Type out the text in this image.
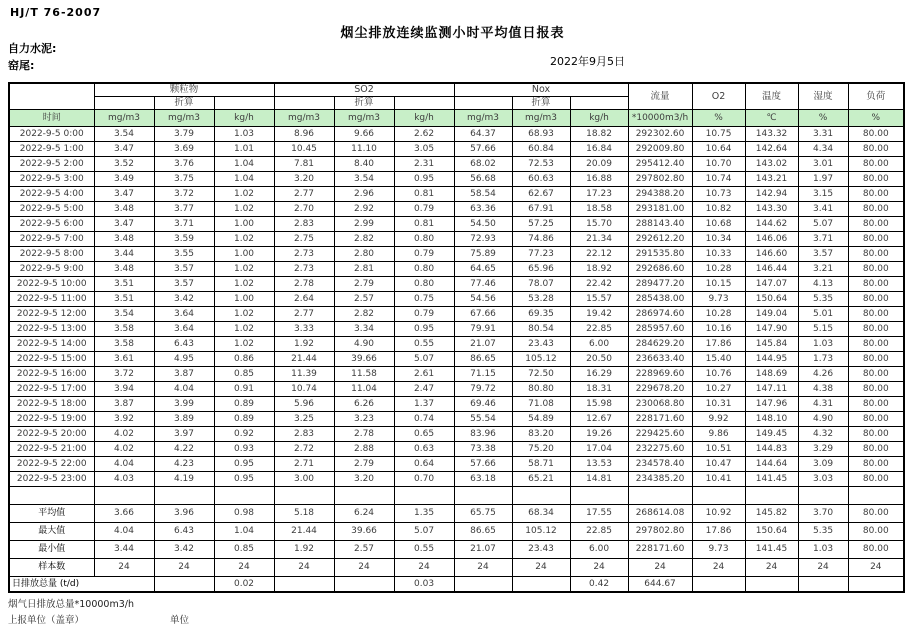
HJ/T 76-2007
烟尘排放连续监测小时平均值日报表
自力水泥:
窑尾:	2022年9月5日
	颗粒物			SO2			Nox			流量	O2	温度	湿度	负荷
		折算			折算			折算						
时间	mg/m3	mg/m3	kg/h	mg/m3	mg/m3	kg/h	mg/m3	mg/m3	kg/h	*10000m3/h	%	℃	%	%
2022-9-5 0:00	3.54	3.79	1.03	8.96	9.66	2.62	64.37	68.93	18.82	292302.60	10.75	143.32	3.31	80.00
2022-9-5 1:00	3.47	3.69	1.01	10.45	11.10	3.05	57.66	60.84	16.84	292009.80	10.64	142.64	4.34	80.00
2022-9-5 2:00	3.52	3.76	1.04	7.81	8.40	2.31	68.02	72.53	20.09	295412.40	10.70	143.02	3.01	80.00
2022-9-5 3:00	3.49	3.75	1.04	3.20	3.54	0.95	56.68	60.63	16.88	297802.80	10.74	143.21	1.97	80.00
2022-9-5 4:00	3.47	3.72	1.02	2.77	2.96	0.81	58.54	62.67	17.23	294388.20	10.73	142.94	3.15	80.00
2022-9-5 5:00	3.48	3.77	1.02	2.70	2.92	0.79	63.36	67.91	18.58	293181.00	10.82	143.30	3.41	80.00
2022-9-5 6:00	3.47	3.71	1.00	2.83	2.99	0.81	54.50	57.25	15.70	288143.40	10.68	144.62	5.07	80.00
2022-9-5 7:00	3.48	3.59	1.02	2.75	2.82	0.80	72.93	74.86	21.34	292612.20	10.34	146.06	3.71	80.00
2022-9-5 8:00	3.44	3.55	1.00	2.73	2.80	0.79	75.89	77.23	22.12	291535.80	10.33	146.60	3.57	80.00
2022-9-5 9:00	3.48	3.57	1.02	2.73	2.81	0.80	64.65	65.96	18.92	292686.60	10.28	146.44	3.21	80.00
2022-9-5 10:00	3.51	3.57	1.02	2.78	2.79	0.80	77.46	78.07	22.42	289477.20	10.15	147.07	4.13	80.00
2022-9-5 11:00	3.51	3.42	1.00	2.64	2.57	0.75	54.56	53.28	15.57	285438.00	9.73	150.64	5.35	80.00
2022-9-5 12:00	3.54	3.64	1.02	2.77	2.82	0.79	67.66	69.35	19.42	286974.60	10.28	149.04	5.01	80.00
2022-9-5 13:00	3.58	3.64	1.02	3.33	3.34	0.95	79.91	80.54	22.85	285957.60	10.16	147.90	5.15	80.00
2022-9-5 14:00	3.58	6.43	1.02	1.92	4.90	0.55	21.07	23.43	6.00	284629.20	17.86	145.84	1.03	80.00
2022-9-5 15:00	3.61	4.95	0.86	21.44	39.66	5.07	86.65	105.12	20.50	236633.40	15.40	144.95	1.73	80.00
2022-9-5 16:00	3.72	3.87	0.85	11.39	11.58	2.61	71.15	72.50	16.29	228969.60	10.76	148.69	4.26	80.00
2022-9-5 17:00	3.94	4.04	0.91	10.74	11.04	2.47	79.72	80.80	18.31	229678.20	10.27	147.11	4.38	80.00
2022-9-5 18:00	3.87	3.99	0.89	5.96	6.26	1.37	69.46	71.08	15.98	230068.80	10.31	147.96	4.31	80.00
2022-9-5 19:00	3.92	3.89	0.89	3.25	3.23	0.74	55.54	54.89	12.67	228171.60	9.92	148.10	4.90	80.00
2022-9-5 20:00	4.02	3.97	0.92	2.83	2.78	0.65	83.96	83.20	19.26	229425.60	9.86	149.45	4.32	80.00
2022-9-5 21:00	4.02	4.22	0.93	2.72	2.88	0.63	73.38	75.20	17.04	232275.60	10.51	144.83	3.29	80.00
2022-9-5 22:00	4.04	4.23	0.95	2.71	2.79	0.64	57.66	58.71	13.53	234578.40	10.47	144.64	3.09	80.00
2022-9-5 23:00	4.03	4.19	0.95	3.00	3.20	0.70	63.18	65.21	14.81	234385.20	10.41	141.45	3.03	80.00

平均值	3.66	3.96	0.98	5.18	6.24	1.35	65.75	68.34	17.55	268614.08	10.92	145.82	3.70	80.00
最大值	4.04	6.43	1.04	21.44	39.66	5.07	86.65	105.12	22.85	297802.80	17.86	150.64	5.35	80.00
最小值	3.44	3.42	0.85	1.92	2.57	0.55	21.07	23.43	6.00	228171.60	9.73	141.45	1.03	80.00
样本数	24	24	24	24	24	24	24	24	24	24	24	24	24	24
日排放总量 (t/d)			0.02			0.03			0.42	644.67				
烟气日排放总量*10000m3/h
上报单位（盖章）	单位
